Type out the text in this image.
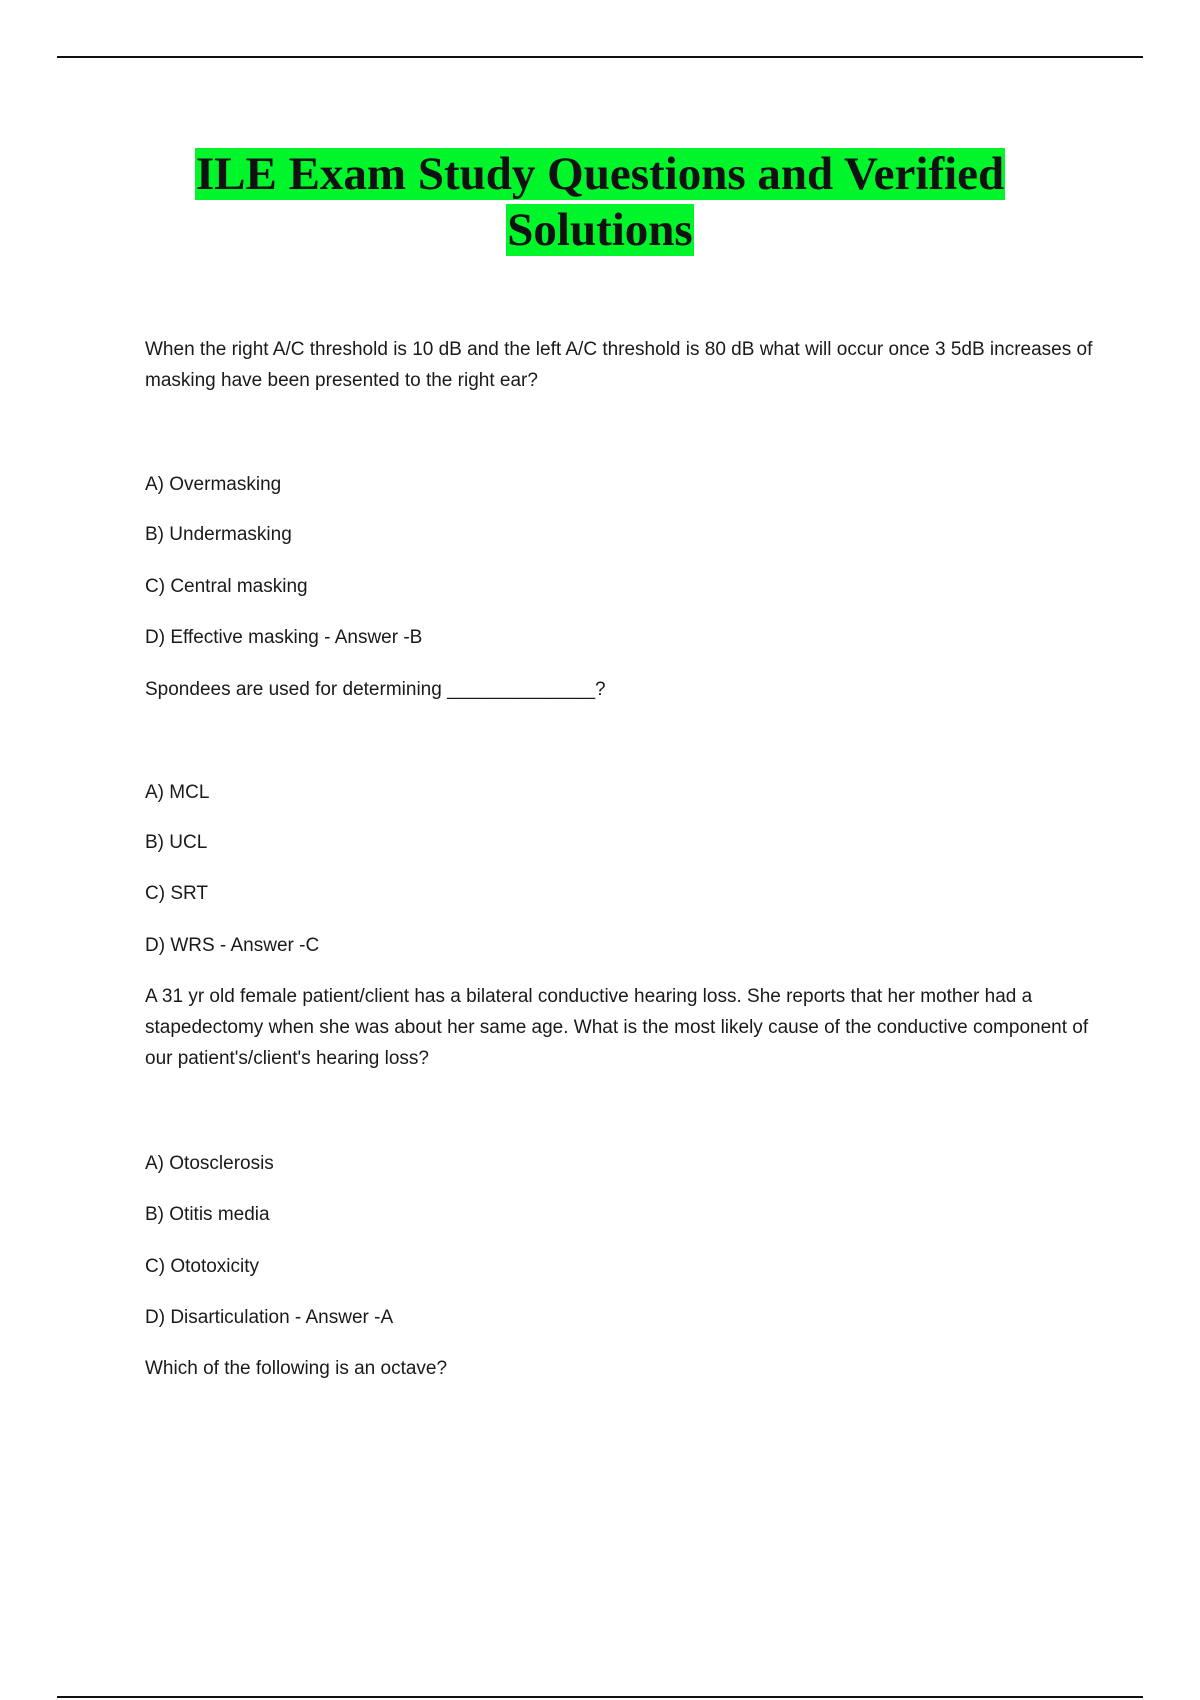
ILE Exam Study Questions and Verified
Solutions
When the right A/C threshold is 10 dB and the left A/C threshold is 80 dB what will occur once 3 5dB increases of masking have been presented to the right ear?
A) Overmasking
B) Undermasking
C) Central masking
D) Effective masking - Answer -B
Spondees are used for determining ______________?
A) MCL
B) UCL
C) SRT
D) WRS - Answer -C
A 31 yr old female patient/client has a bilateral conductive hearing loss. She reports that her mother had a stapedectomy when she was about her same age. What is the most likely cause of the conductive component of our patient's/client's hearing loss?
A) Otosclerosis
B) Otitis media
C) Ototoxicity
D) Disarticulation - Answer -A
Which of the following is an octave?
